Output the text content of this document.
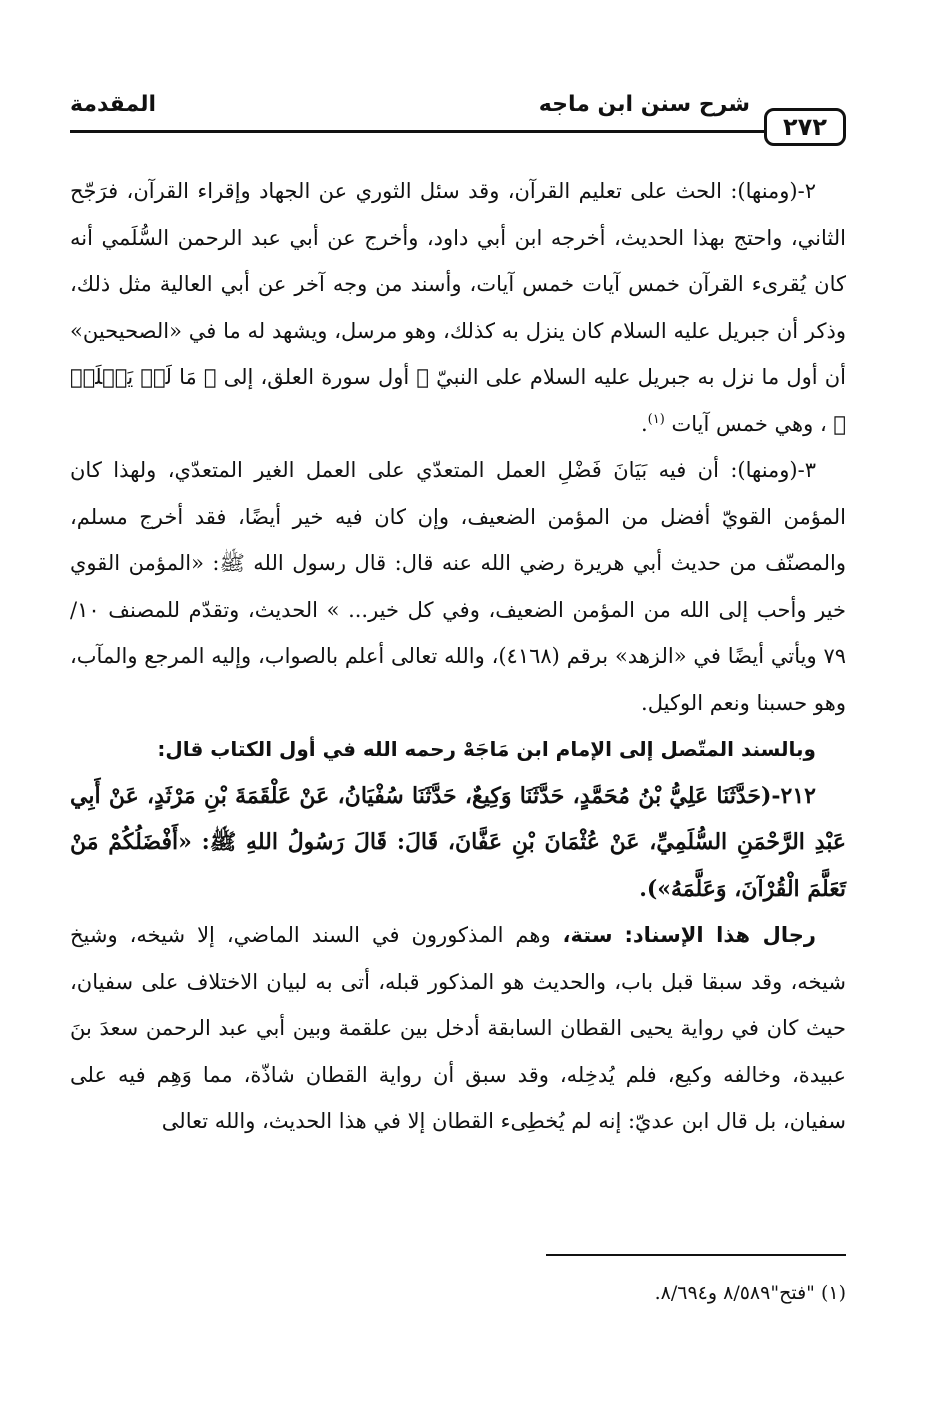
٢٧٢
شرح سنن ابن ماجه
المقدمة

٢-(ومنها): الحث على تعليم القرآن، وقد سئل الثوري عن الجهاد وإقراء القرآن، فرَجّح الثاني، واحتج بهذا الحديث، أخرجه ابن أبي داود، وأخرج عن أبي عبد الرحمن السُّلَمي أنه كان يُقرىء القرآن خمس آيات خمس آيات، وأسند من وجه آخر عن أبي العالية مثل ذلك، وذكر أن جبريل عليه السلام كان ينزل به كذلك، وهو مرسل، ويشهد له ما في «الصحيحين» أن أول ما نزل به جبريل عليه السلام على النبيّ ﷺ أول سورة العلق، إلى ﴿ مَا لَمۡ يَعۡلَمۡ ﴾ ، وهي خمس آيات $^{(١)}$.

٣-(ومنها): أن فيه بَيَانَ فَضْلِ العمل المتعدّي على العمل الغير المتعدّي، ولهذا كان المؤمن القويّ أفضل من المؤمن الضعيف، وإن كان فيه خير أيضًا، فقد أخرج مسلم، والمصنّف من حديث أبي هريرة رضي الله عنه قال: قال رسول الله ﷺ: «المؤمن القوي خير وأحب إلى الله من المؤمن الضعيف، وفي كل خير... » الحديث، وتقدّم للمصنف ١٠/ ٧٩ ويأتي أيضًا في «الزهد» برقم (٤١٦٨)، والله تعالى أعلم بالصواب، وإليه المرجع والمآب، وهو حسبنا ونعم الوكيل.

وبالسند المتّصل إلى الإمام ابن مَاجَهْ رحمه الله في أول الكتاب قال:

٢١٢-(حَدَّثَنَا عَلِيُّ بْنُ مُحَمَّدٍ، حَدَّثَنَا وَكِيعٌ، حَدَّثَنَا سُفْيَانُ، عَنْ عَلْقَمَةَ بْنِ مَرْثَدٍ، عَنْ أَبِي عَبْدِ الرَّحْمَنِ السُّلَمِيِّ، عَنْ عُثْمَانَ بْنِ عَفَّانَ، قَالَ: قَالَ رَسُولُ اللهِ ﷺ: «أَفْضَلُكُمْ مَنْ تَعَلَّمَ الْقُرْآنَ، وَعَلَّمَهُ»).

رجال هذا الإسناد: ستة، وهم المذكورون في السند الماضي، إلا شيخه، وشيخ شيخه، وقد سبقا قبل باب، والحديث هو المذكور قبله، أتى به لبيان الاختلاف على سفيان، حيث كان في رواية يحيى القطان السابقة أدخل بين علقمة وبين أبي عبد الرحمن سعدَ بنَ عبيدة، وخالفه وكيع، فلم يُدخِله، وقد سبق أن رواية القطان شاذّة، مما وَهِم فيه على سفيان، بل قال ابن عديّ: إنه لم يُخطِىء القطان إلا في هذا الحديث، والله تعالى

(١) "فتح"٨/٥٨٩ و٨/٦٩٤.
